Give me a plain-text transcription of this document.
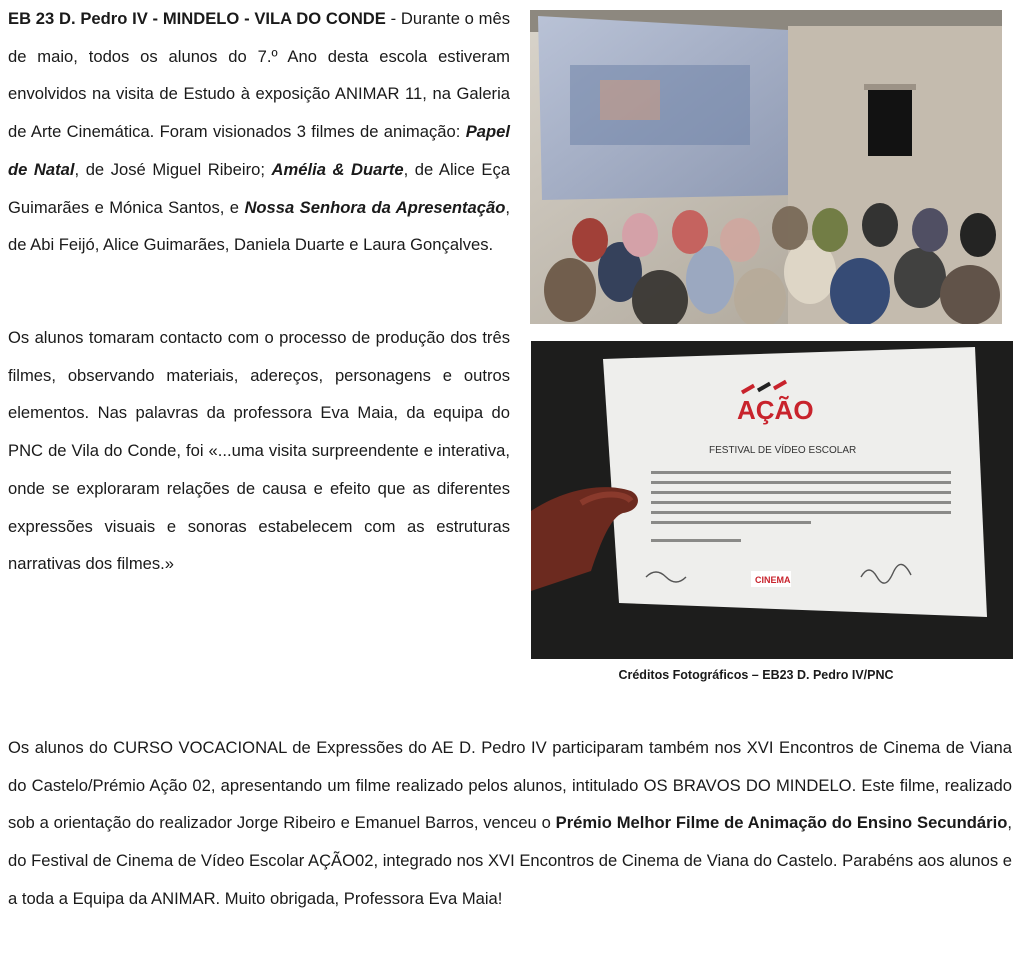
EB 23 D. Pedro IV - MINDELO - VILA DO CONDE - Durante o mês de maio, todos os alunos do 7.º Ano desta escola estiveram envolvidos na visita de Estudo à exposição ANIMAR 11, na Galeria de Arte Cinemática. Foram visionados 3 filmes de animação: Papel de Natal, de José Miguel Ribeiro; Amélia & Duarte, de Alice Eça Guimarães e Mónica Santos, e Nossa Senhora da Apresentação, de Abi Feijó, Alice Guimarães, Daniela Duarte e Laura Gonçalves.
Os alunos tomaram contacto com o processo de produção dos três filmes, observando materiais, adereços, personagens e outros elementos. Nas palavras da professora Eva Maia, da equipa do PNC de Vila do Conde, foi «...uma visita surpreendente e interativa, onde se exploraram relações de causa e efeito que as diferentes expressões visuais e sonoras estabelecem com as estruturas narrativas dos filmes.»
AÇÃO
FESTIVAL DE VÍDEO ESCOLAR
CINEMA
Créditos Fotográficos – EB23 D. Pedro IV/PNC
Os alunos do CURSO VOCACIONAL de Expressões do AE D. Pedro IV participaram também nos XVI Encontros de Cinema de Viana do Castelo/Prémio Ação 02, apresentando um filme realizado pelos alunos, intitulado OS BRAVOS DO MINDELO. Este filme, realizado sob a orientação do realizador Jorge Ribeiro e Emanuel Barros, venceu o Prémio Melhor Filme de Animação do Ensino Secundário, do Festival de Cinema de Vídeo Escolar AÇÃO02, integrado nos XVI Encontros de Cinema de Viana do Castelo. Parabéns aos alunos e a toda a Equipa da ANIMAR. Muito obrigada, Professora Eva Maia!
